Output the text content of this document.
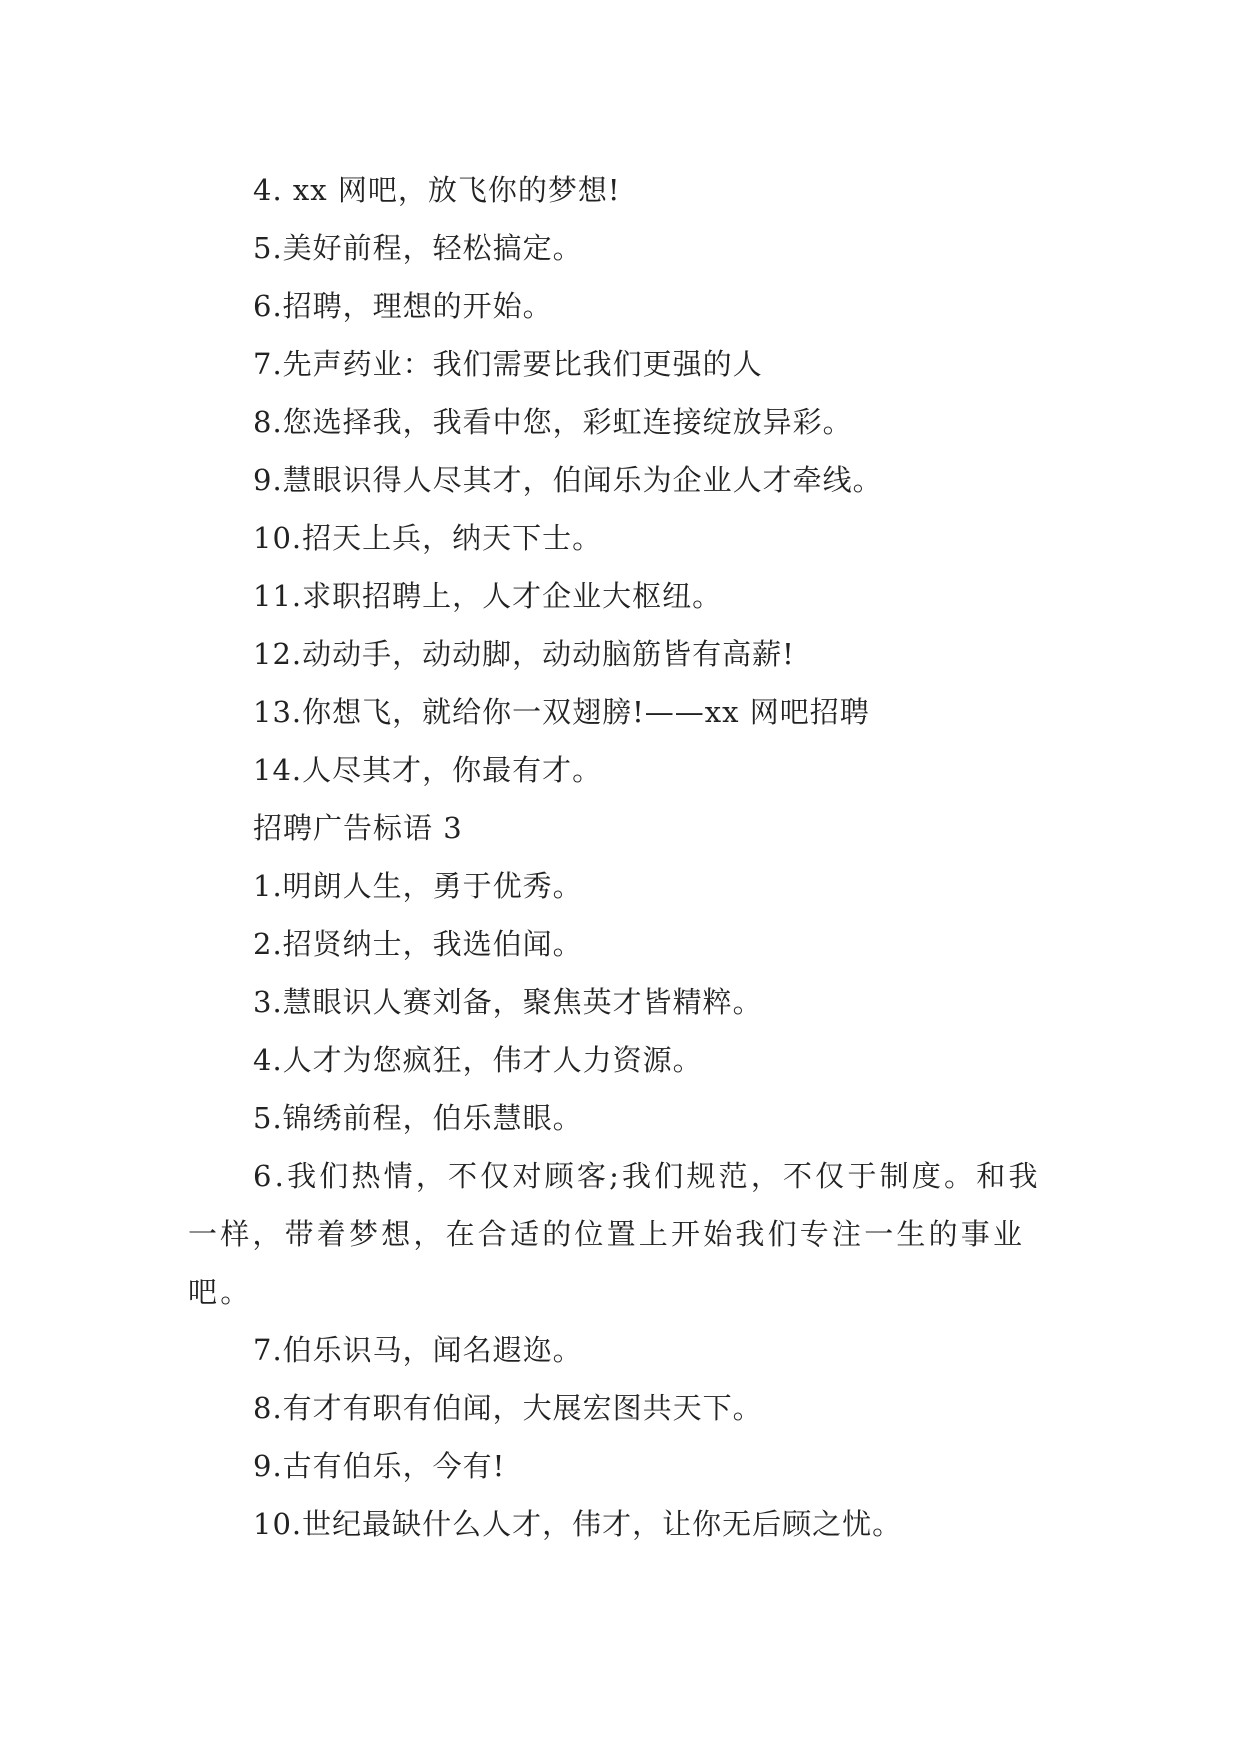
4. xx 网吧，放飞你的梦想!

5.美好前程，轻松搞定。

6.招聘，理想的开始。

7.先声药业：我们需要比我们更强的人

8.您选择我，我看中您，彩虹连接绽放异彩。

9.慧眼识得人尽其才，伯闻乐为企业人才牵线。

10.招天上兵，纳天下士。

11.求职招聘上，人才企业大枢纽。

12.动动手，动动脚，动动脑筋皆有高薪!

13.你想飞，就给你一双翅膀!——xx 网吧招聘

14.人尽其才，你最有才。

招聘广告标语 3

1.明朗人生，勇于优秀。

2.招贤纳士，我选伯闻。

3.慧眼识人赛刘备，聚焦英才皆精粹。

4.人才为您疯狂，伟才人力资源。

5.锦绣前程，伯乐慧眼。

6.我们热情，不仅对顾客;我们规范，不仅于制度。和我一样，带着梦想，在合适的位置上开始我们专注一生的事业吧。

7.伯乐识马，闻名遐迩。

8.有才有职有伯闻，大展宏图共天下。

9.古有伯乐，今有!

10.世纪最缺什么人才，伟才，让你无后顾之忧。
